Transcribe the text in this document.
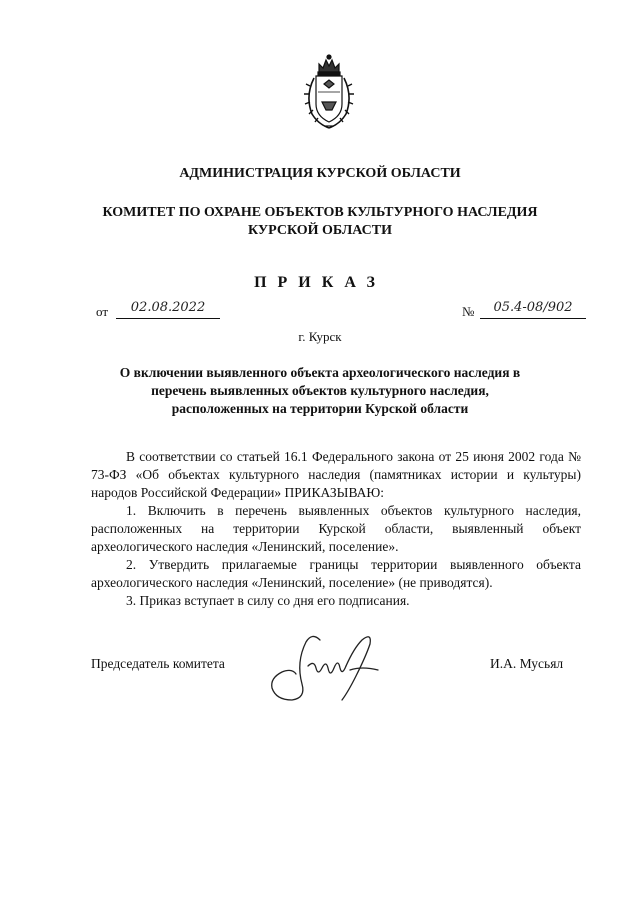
АДМИНИСТРАЦИЯ КУРСКОЙ ОБЛАСТИ
КОМИТЕТ ПО ОХРАНЕ ОБЪЕКТОВ КУЛЬТУРНОГО НАСЛЕДИЯ
КУРСКОЙ ОБЛАСТИ
ПРИКАЗ
от	02.08.2022	№	05.4-08/902
г. Курск
О включении выявленного объекта археологического наследия в
перечень выявленных объектов культурного наследия,
расположенных на территории Курской области

В соответствии со статьей 16.1 Федерального закона от 25 июня 2002 года № 73-ФЗ «Об объектах культурного наследия (памятниках истории и культуры) народов Российской Федерации» ПРИКАЗЫВАЮ:

1. Включить в перечень выявленных объектов культурного наследия, расположенных на территории Курской области, выявленный объект археологического наследия «Ленинский, поселение».

2. Утвердить прилагаемые границы территории выявленного объекта археологического наследия «Ленинский, поселение» (не приводятся).

3. Приказ вступает в силу со дня его подписания.

Председатель комитета	И.А. Мусьял
